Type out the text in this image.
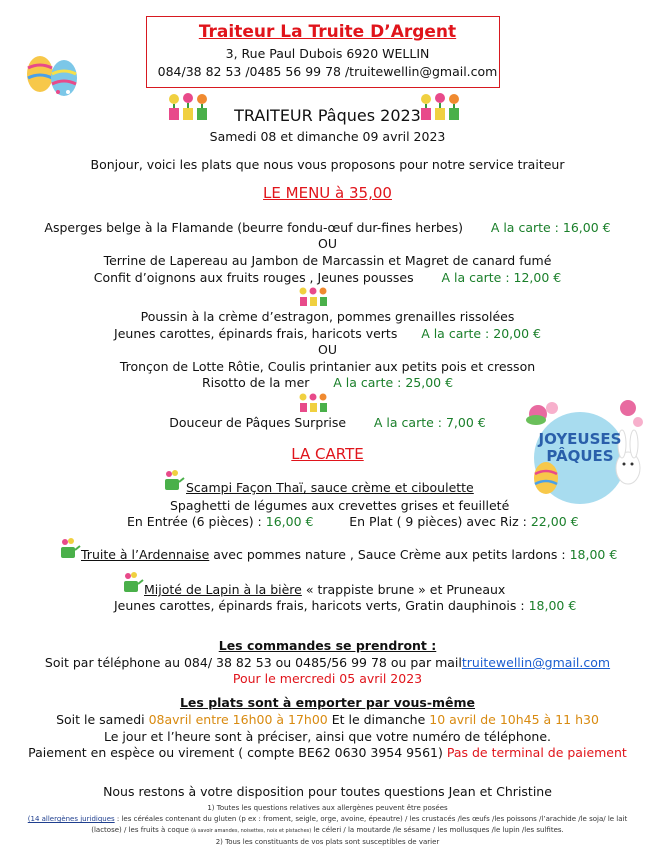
Traiteur La Truite D’Argent
3, Rue Paul Dubois 6920 WELLIN
084/38 82 53 /0485 56 99 78 /truitewellin@gmail.com
TRAITEUR Pâques 2023
Samedi 08 et dimanche 09 avril 2023
Bonjour, voici les plats que nous vous proposons pour notre service traiteur
LE MENU à 35,00
Asperges belge à la Flamande (beurre fondu-œuf dur-fines herbes) A la carte : 16,00 €
OU
Terrine de Lapereau au Jambon de Marcassin et Magret de canard fumé
Confit d’oignons aux fruits rouges , Jeunes pousses A la carte : 12,00 €
Poussin à la crème d’estragon, pommes grenailles rissolées
Jeunes carottes, épinards frais, haricots verts A la carte : 20,00 €
OU
Tronçon de Lotte Rôtie, Coulis printanier aux petits pois et cresson
Risotto de la mer A la carte : 25,00 €
Douceur de Pâques Surprise A la carte : 7,00 €
JOYEUSES
PÂQUES
LA CARTE
Scampi Façon Thaï, sauce crème et ciboulette
Spaghetti de légumes aux crevettes grises et feuilleté
En Entrée (6 pièces) : 16,00 €	En Plat ( 9 pièces) avec Riz : 22,00 €
Truite à l’Ardennaise avec pommes nature , Sauce Crème aux petits lardons : 18,00 €
Mijoté de Lapin à la bière « trappiste brune » et Pruneaux
Jeunes carottes, épinards frais, haricots verts, Gratin dauphinois : 18,00 €
Les commandes se prendront :
Soit par téléphone au 084/ 38 82 53 ou 0485/56 99 78 ou par mailtruitewellin@gmail.com
Pour le mercredi 05 avril 2023
Les plats sont à emporter par vous-même
Soit le samedi 08avril entre 16h00 à 17h00 Et le dimanche 10 avril de 10h45 à 11 h30
Le jour et l’heure sont à préciser, ainsi que votre numéro de téléphone.
Paiement en espèce ou virement ( compte BE62 0630 3954 9561) Pas de terminal de paiement
Nous restons à votre disposition pour toutes questions Jean et Christine
1) Toutes les questions relatives aux allergènes peuvent être posées
(14 allergènes juridiques : les céréales contenant du gluten (p ex : froment, seigle, orge, avoine, épeautre) / les crustacés /les œufs /les poissons /l’arachide /le soja/ le lait
(lactose) / les fruits à coque (à savoir amandes, noisettes, noix et pistaches) le céleri / la moutarde /le sésame / les mollusques /le lupin /les sulfites.
2) Tous les constituants de vos plats sont susceptibles de varier
